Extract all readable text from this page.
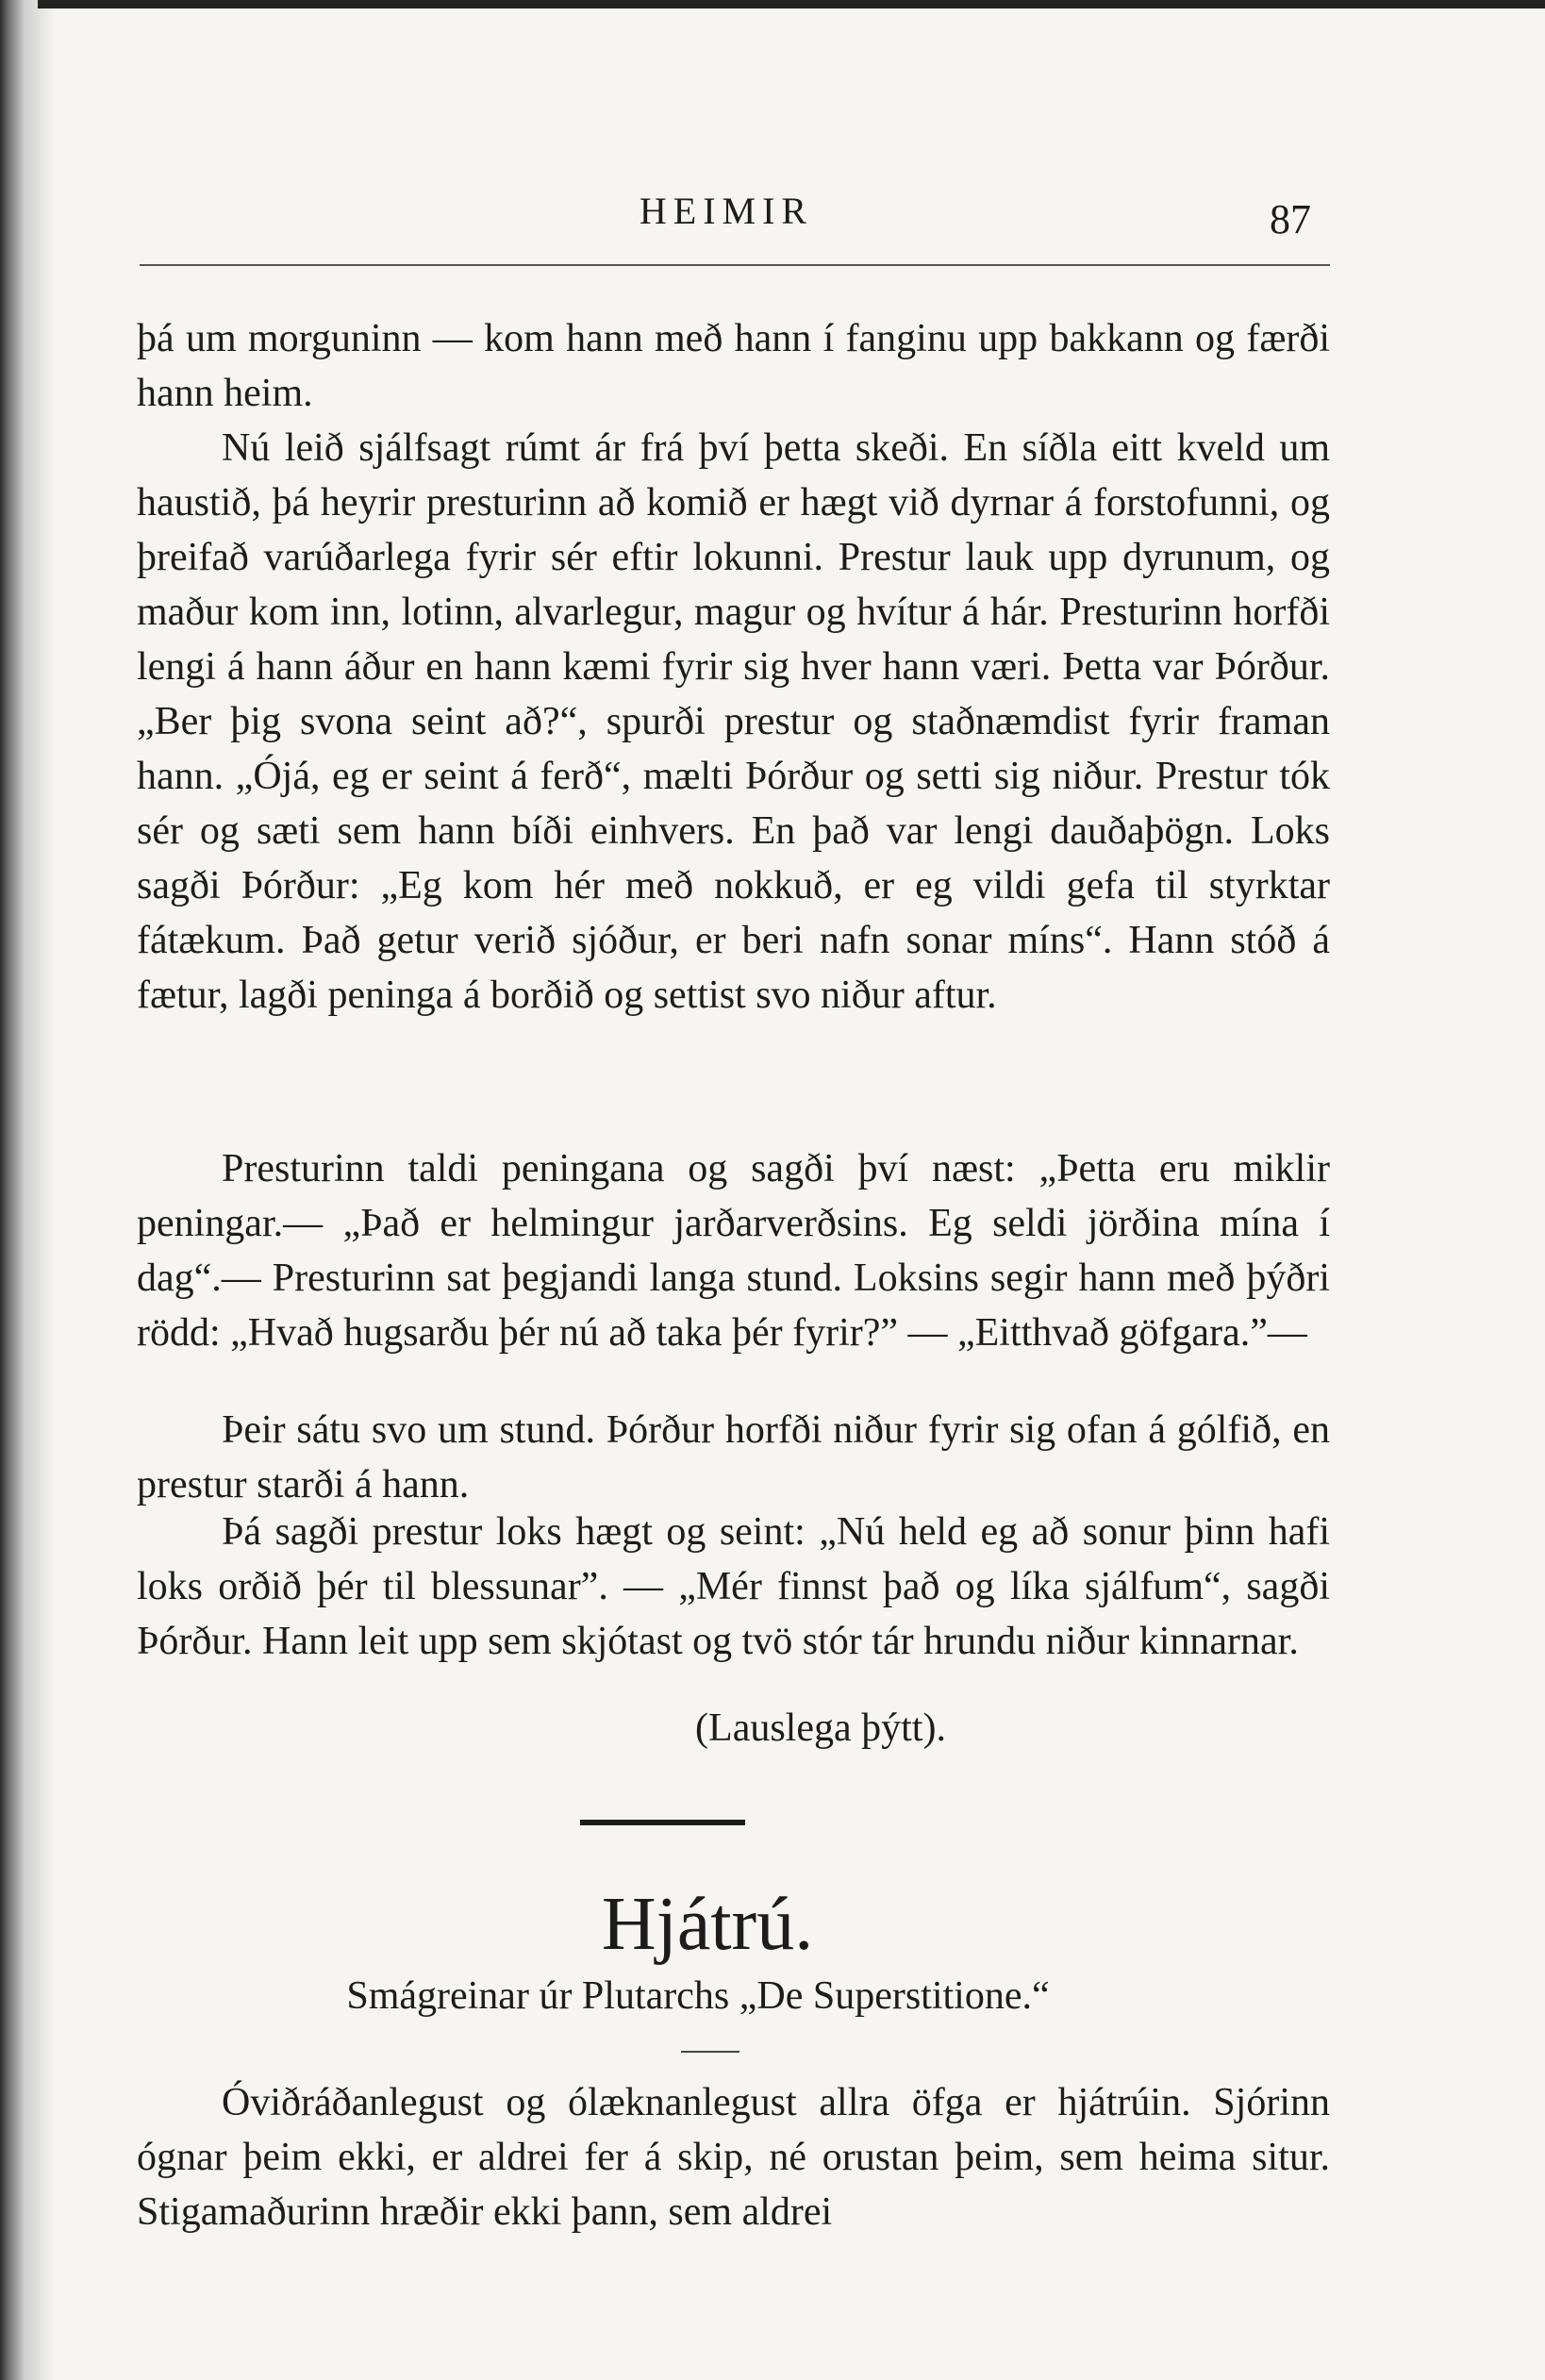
HEIMIR	87

þá um morguninn — kom hann með hann í fanginu upp bakkann og færði hann heim.

Nú leið sjálfsagt rúmt ár frá því þetta skeði. En síðla eitt kveld um haustið, þá heyrir presturinn að komið er hægt við dyrnar á forstofunni, og þreifað varúðarlega fyrir sér eftir lokunni. Prestur lauk upp dyrunum, og maður kom inn, lotinn, alvarlegur, magur og hvítur á hár. Presturinn horfði lengi á hann áður en hann kæmi fyrir sig hver hann væri. Þetta var Þórður. „Ber þig svona seint að?“, spurði prestur og staðnæmdist fyrir framan hann. „Ójá, eg er seint á ferð“, mælti Þórður og setti sig niður. Prestur tók sér og sæti sem hann bíði einhvers. En það var lengi dauðaþögn. Loks sagði Þórður: „Eg kom hér með nokkuð, er eg vildi gefa til styrktar fátækum. Það getur verið sjóður, er beri nafn sonar míns“. Hann stóð á fætur, lagði peninga á borðið og settist svo niður aftur.

Presturinn taldi peningana og sagði því næst: „Þetta eru miklir peningar.— „Það er helmingur jarðarverðsins. Eg seldi jörðina mína í dag“.— Presturinn sat þegjandi langa stund. Loksins segir hann með þýðri rödd: „Hvað hugsarðu þér nú að taka þér fyrir?” — „Eitthvað göfgara.”—

Þeir sátu svo um stund. Þórður horfði niður fyrir sig ofan á gólfið, en prestur starði á hann.

Þá sagði prestur loks hægt og seint: „Nú held eg að sonur þinn hafi loks orðið þér til blessunar”. — „Mér finnst það og líka sjálfum“, sagði Þórður. Hann leit upp sem skjótast og tvö stór tár hrundu niður kinnarnar.

(Lauslega þýtt).
Hjátrú.
Smágreinar úr Plutarchs „De Superstitione.“

Óviðráðanlegust og ólæknanlegust allra öfga er hjátrúin. Sjórinn ógnar þeim ekki, er aldrei fer á skip, né orustan þeim, sem heima situr. Stigamaðurinn hræðir ekki þann, sem aldrei
